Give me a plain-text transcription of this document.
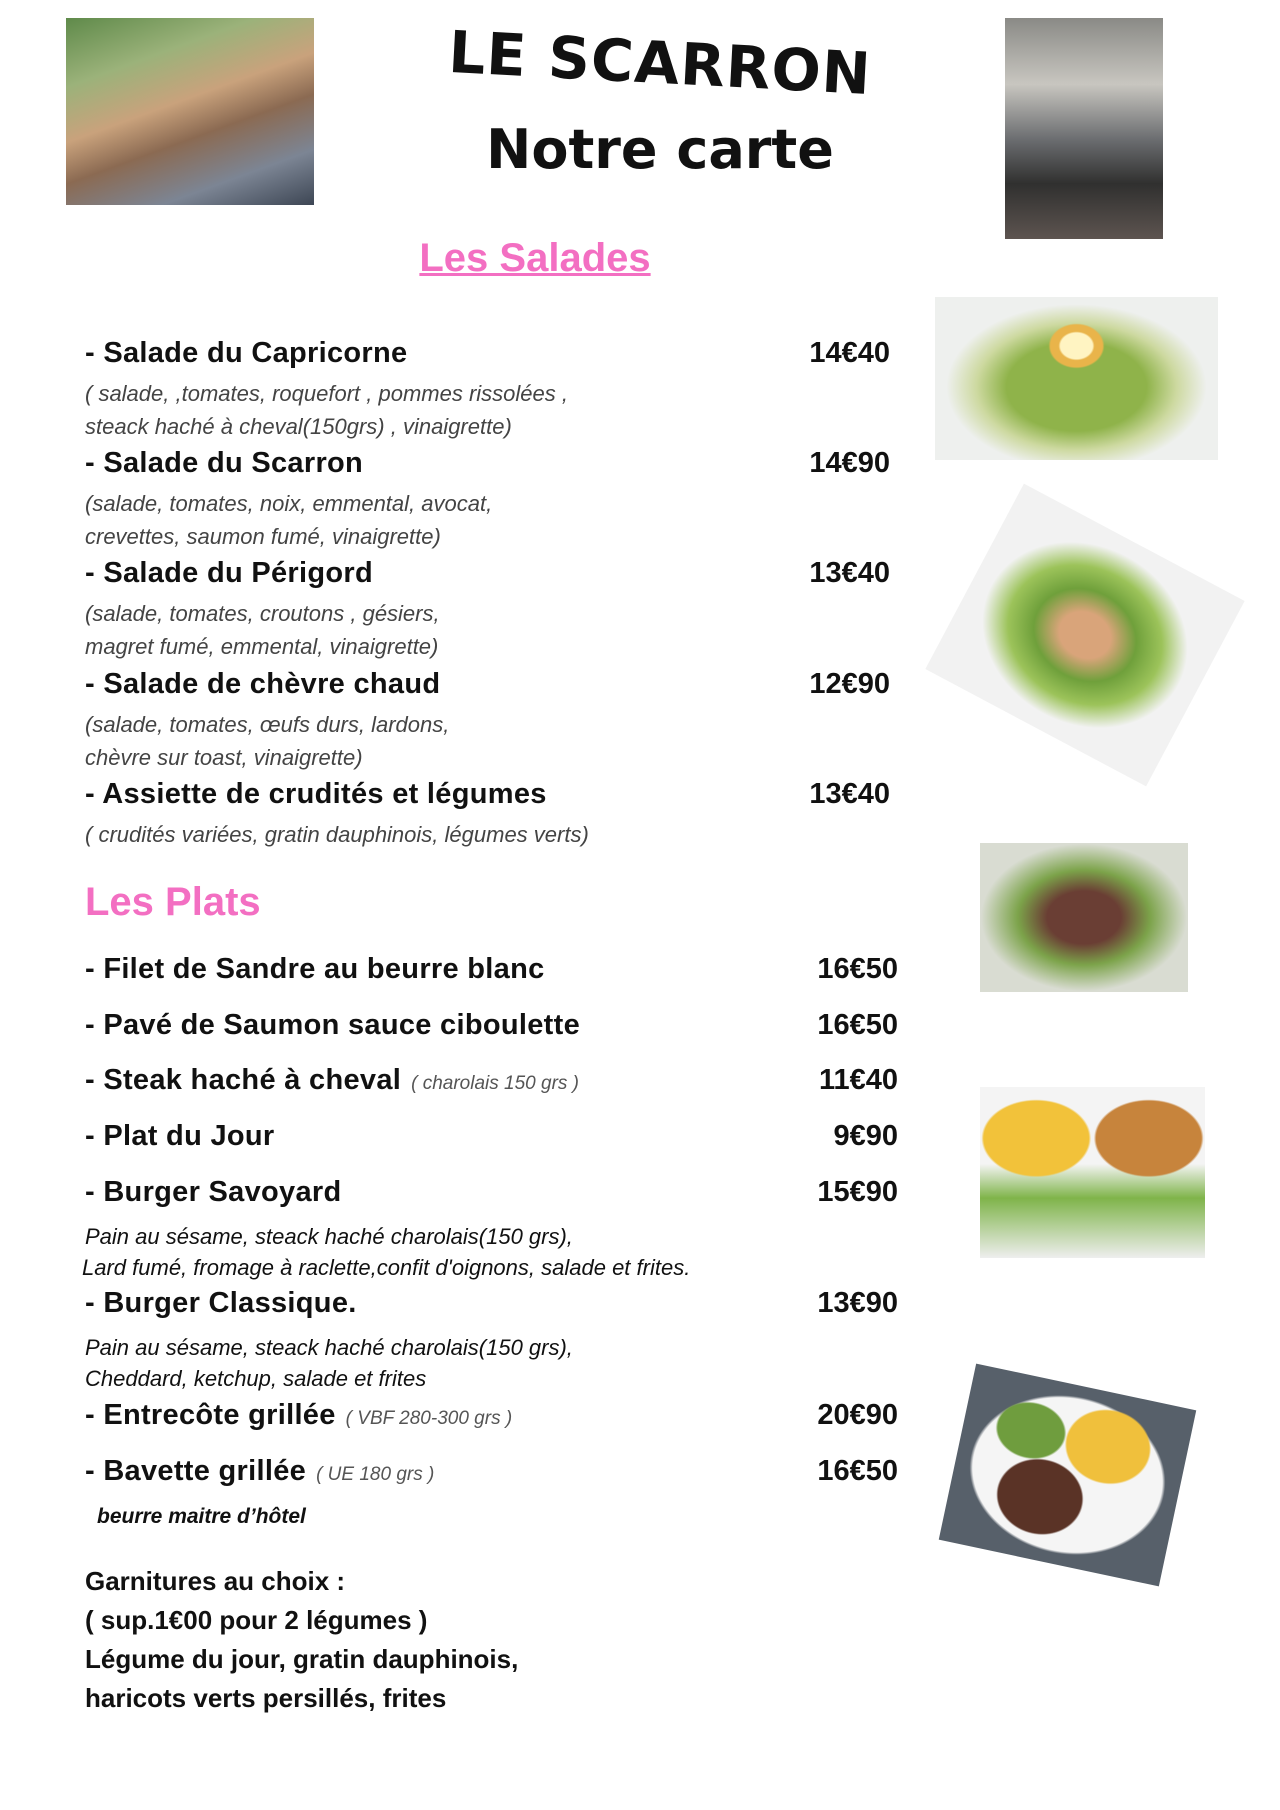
LE SCARRON
Notre carte
Les Salades
- Salade du Capricorne	14€40
( salade, ,tomates, roquefort , pommes rissolées ,
steack haché à cheval(150grs) , vinaigrette)
- Salade du Scarron	14€90
(salade, tomates, noix, emmental, avocat,
crevettes, saumon fumé, vinaigrette)
- Salade du Périgord	13€40
(salade, tomates, croutons , gésiers,
magret fumé, emmental, vinaigrette)
- Salade de chèvre chaud	12€90
(salade, tomates, œufs durs, lardons,
chèvre sur toast, vinaigrette)
- Assiette de crudités et légumes	13€40
( crudités variées, gratin dauphinois, légumes verts)
Les Plats
- Filet de Sandre au beurre blanc	16€50
- Pavé de Saumon sauce ciboulette	16€50
- Steak haché à cheval ( charolais 150 grs )	11€40
- Plat du Jour	9€90
- Burger Savoyard	15€90
Pain au sésame, steack haché charolais(150 grs),
Lard fumé, fromage à raclette,confit d'oignons, salade et frites.
- Burger Classique.	13€90
Pain au sésame, steack haché charolais(150 grs),
Cheddard, ketchup, salade et frites
- Entrecôte grillée ( VBF 280-300 grs )	20€90
- Bavette grillée ( UE 180 grs )	16€50
beurre maitre d’hôtel
Garnitures au choix :
( sup.1€00 pour 2 légumes )
Légume du jour, gratin dauphinois,
haricots verts persillés, frites
